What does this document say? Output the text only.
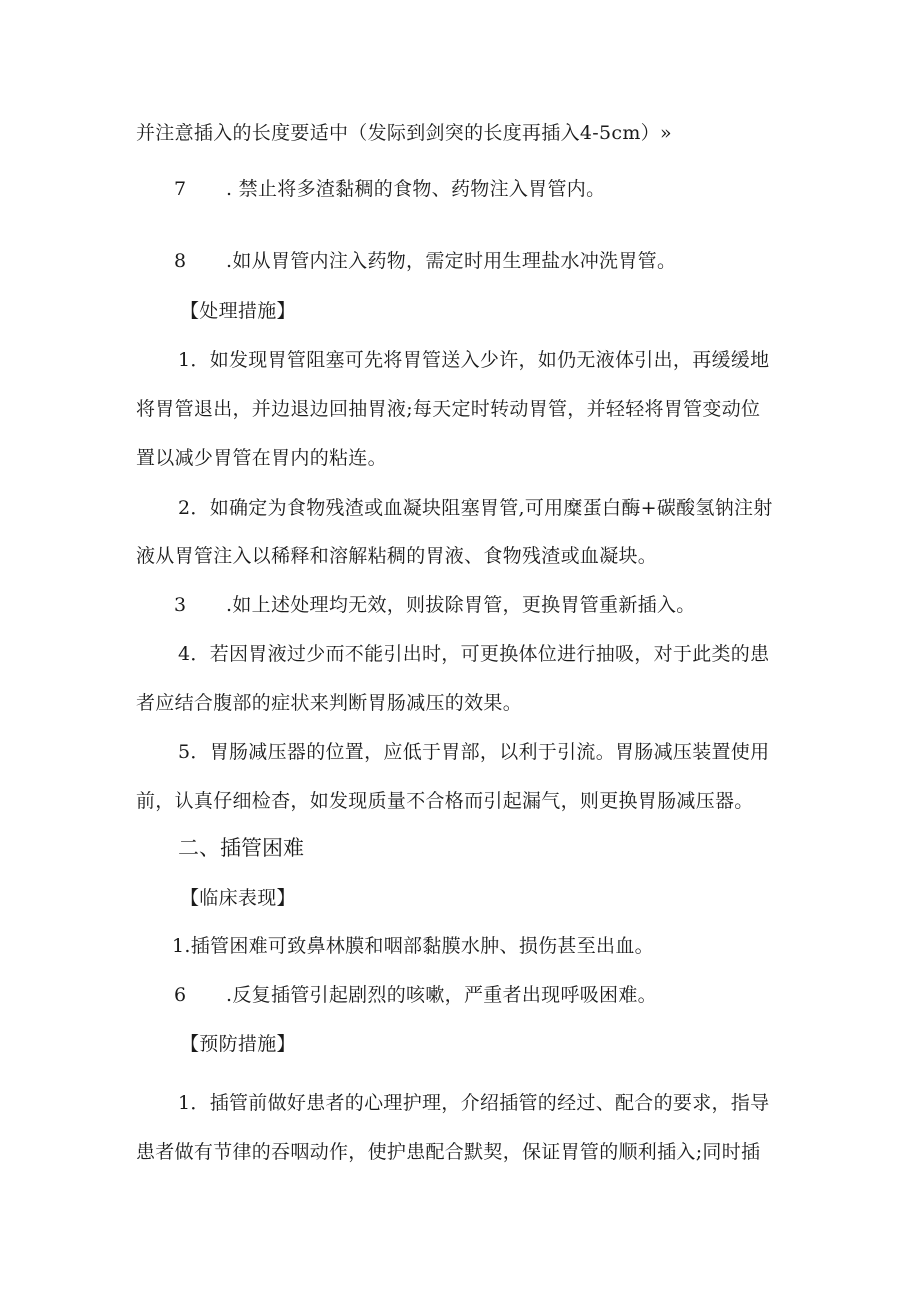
并注意插入的长度要适中（发际到剑突的长度再插入4-5cm）»
7 . 禁止将多渣黏稠的食物、药物注入胃管内。
8 .如从胃管内注入药物，需定时用生理盐水冲洗胃管。
【处理措施】
1．如发现胃管阻塞可先将胃管送入少许，如仍无液体引出，再缓缓地
将胃管退出，并边退边回抽胃液;每天定时转动胃管，并轻轻将胃管变动位
置以减少胃管在胃内的粘连。
2．如确定为食物残渣或血凝块阻塞胃管,可用糜蛋白酶+碳酸氢钠注射
液从胃管注入以稀释和溶解粘稠的胃液、食物残渣或血凝块。
3 .如上述处理均无效，则拔除胃管，更换胃管重新插入。
4．若因胃液过少而不能引出时，可更换体位进行抽吸，对于此类的患
者应结合腹部的症状来判断胃肠减压的效果。
5．胃肠减压器的位置，应低于胃部，以利于引流。胃肠减压装置使用
前，认真仔细检杳，如发现质量不合格而引起漏气，则更换胃肠减压器。
二、插管困难
【临床表现】
1.插管困难可致鼻林膜和咽部黏膜水肿、损伤甚至出血。
6 .反复插管引起剧烈的咳嗽，严重者出现呼吸困难。
【预防措施】
1．插管前做好患者的心理护理，介绍插管的经过、配合的要求，指导
患者做有节律的吞咽动作，使护患配合默契，保证胃管的顺利插入;同时插
